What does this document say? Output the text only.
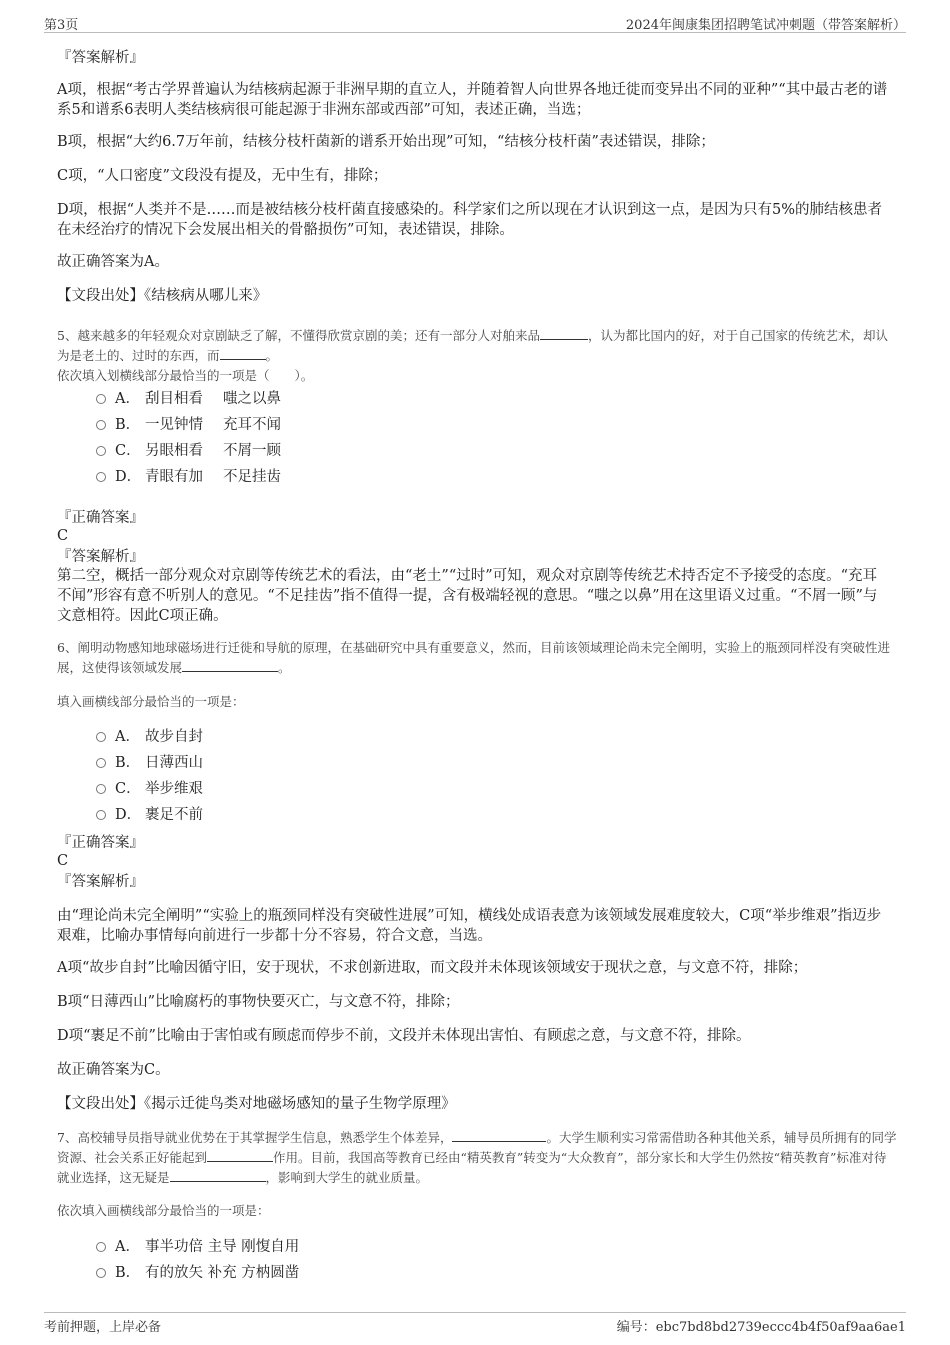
第3页	2024年闽康集团招聘笔试冲刺题（带答案解析）
『答案解析』
A项，根据“考古学界普遍认为结核病起源于非洲早期的直立人，并随着智人向世界各地迁徙而变异出不同的亚种”“其中最古老的谱系5和谱系6表明人类结核病很可能起源于非洲东部或西部”可知，表述正确，当选；
B项，根据“大约6.7万年前，结核分枝杆菌新的谱系开始出现”可知，“结核分枝杆菌”表述错误，排除；
C项，“人口密度”文段没有提及，无中生有，排除；
D项，根据“人类并不是……而是被结核分枝杆菌直接感染的。科学家们之所以现在才认识到这一点，是因为只有5%的肺结核患者在未经治疗的情况下会发展出相关的骨骼损伤”可知，表述错误，排除。
故正确答案为A。
【文段出处】《结核病从哪儿来》
5、越来越多的年轻观众对京剧缺乏了解，不懂得欣赏京剧的美；还有一部分人对舶来品	，认为都比国内的好，对于自己国家的传统艺术，却认为是老土的、过时的东西，而	。
依次填入划横线部分最恰当的一项是（　　）。
A． 刮目相看 嗤之以鼻
B． 一见钟情 充耳不闻
C． 另眼相看 不屑一顾
D． 青眼有加 不足挂齿
『正确答案』
C
『答案解析』
第二空，概括一部分观众对京剧等传统艺术的看法，由“老土”“过时”可知，观众对京剧等传统艺术持否定不予接受的态度。“充耳不闻”形容有意不听别人的意见。“不足挂齿”指不值得一提，含有极端轻视的意思。“嗤之以鼻”用在这里语义过重。“不屑一顾”与文意相符。因此C项正确。
6、阐明动物感知地球磁场进行迁徙和导航的原理，在基础研究中具有重要意义，然而，目前该领域理论尚未完全阐明，实验上的瓶颈同样没有突破性进展，这使得该领域发展	。
填入画横线部分最恰当的一项是：
A． 故步自封
B． 日薄西山
C． 举步维艰
D． 裹足不前
『正确答案』
C
『答案解析』
由“理论尚未完全阐明”“实验上的瓶颈同样没有突破性进展”可知，横线处成语表意为该领域发展难度较大，C项“举步维艰”指迈步艰难，比喻办事情每向前进行一步都十分不容易，符合文意，当选。
A项“故步自封”比喻因循守旧，安于现状，不求创新进取，而文段并未体现该领域安于现状之意，与文意不符，排除；
B项“日薄西山”比喻腐朽的事物快要灭亡，与文意不符，排除；
D项“裹足不前”比喻由于害怕或有顾虑而停步不前，文段并未体现出害怕、有顾虑之意，与文意不符，排除。
故正确答案为C。
【文段出处】《揭示迁徙鸟类对地磁场感知的量子生物学原理》
7、高校辅导员指导就业优势在于其掌握学生信息，熟悉学生个体差异，	。大学生顺利实习常需借助各种其他关系，辅导员所拥有的同学资源、社会关系正好能起到	作用。目前，我国高等教育已经由“精英教育”转变为“大众教育”，部分家长和大学生仍然按“精英教育”标准对待就业选择，这无疑是	，影响到大学生的就业质量。
依次填入画横线部分最恰当的一项是：
A． 事半功倍 主导 刚愎自用
B． 有的放矢 补充 方枘圆凿
考前押题，上岸必备	编号：ebc7bd8bd2739eccc4b4f50af9aa6ae1
